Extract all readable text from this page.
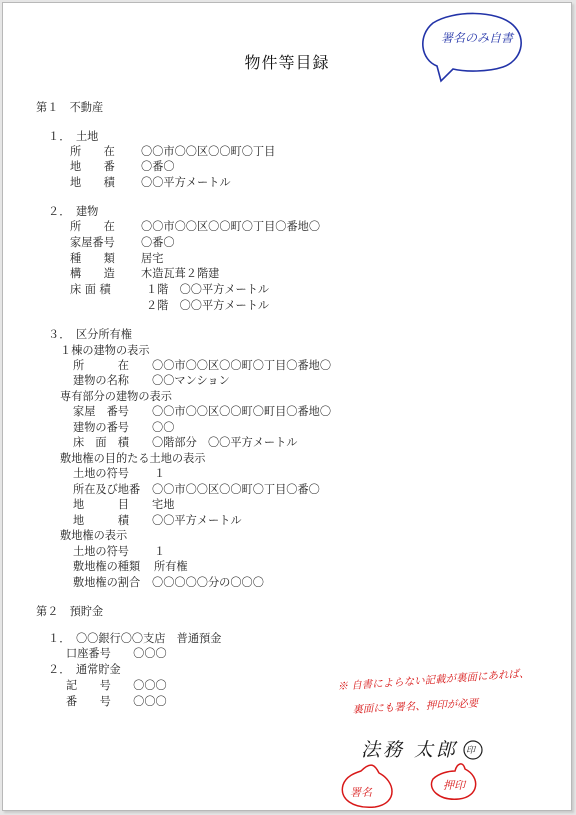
物件等目録
第１　不動産
１．　土地
所　　在 〇〇市〇〇区〇〇町〇丁目
地　　番 〇番〇
地　　積 〇〇平方メートル
２．　建物
所　　在 〇〇市〇〇区〇〇町〇丁目〇番地〇
家屋番号 〇番〇
種　　類 居宅
構　　造 木造瓦葺２階建
床 面 積	１階　〇〇平方メートル
２階　〇〇平方メートル
３．　区分所有権
１棟の建物の表示
所　　　在 〇〇市〇〇区〇〇町〇丁目〇番地〇
建物の名称 〇〇マンション
専有部分の建物の表示
家屋　番号 〇〇市〇〇区〇〇町〇町目〇番地〇
建物の番号 〇〇
床　面　積 〇階部分　〇〇平方メートル
敷地権の目的たる土地の表示
土地の符号 １
所在及び地番 〇〇市〇〇区〇〇町〇丁目〇番〇
地　　　目 宅地
地　　　積 〇〇平方メートル
敷地権の表示
土地の符号 １
敷地権の種類 所有権
敷地権の割合 〇〇〇〇〇分の〇〇〇
第２　預貯金
１．　〇〇銀行〇〇支店　普通預金
口座番号　　〇〇〇
２．　通常貯金
記　　号　　〇〇〇
番　　号　　〇〇〇
署名のみ自書
※ 自書によらない記載が裏面にあれば、
裏面にも署名、押印が必要
法務 太郎 印
署名
押印
